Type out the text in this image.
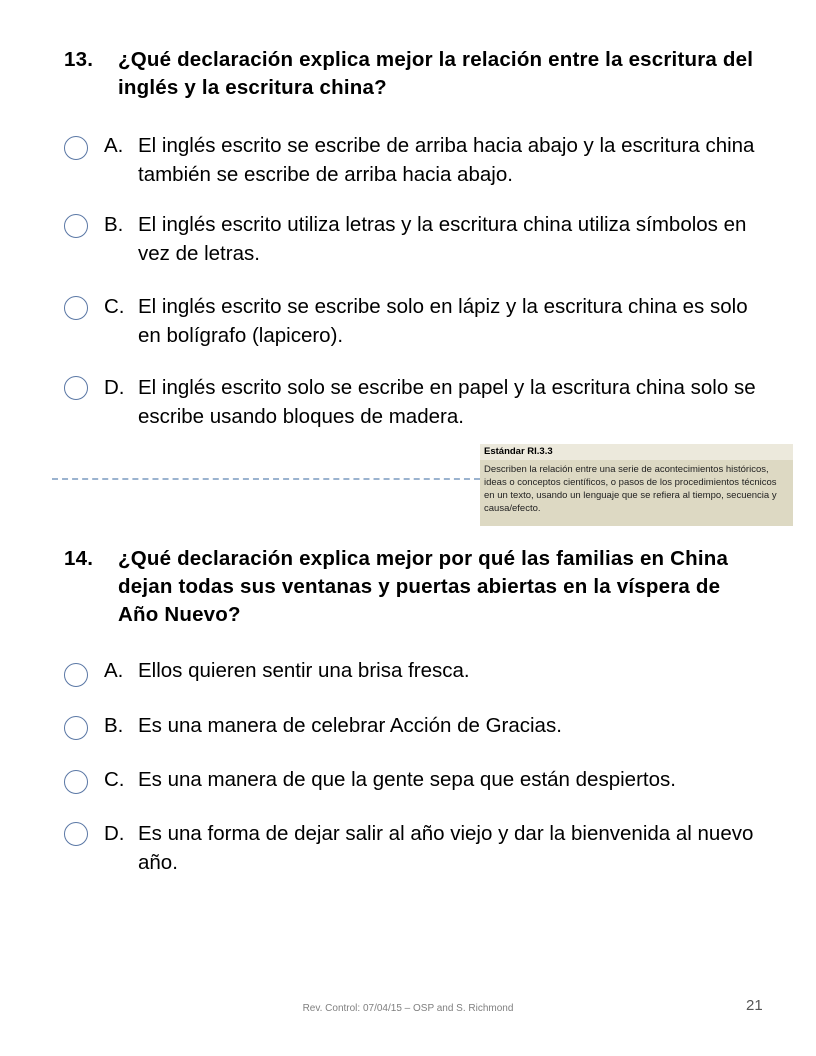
13. ¿Qué declaración explica mejor la relación entre la escritura del inglés y la escritura china?
A. El inglés escrito se escribe de arriba hacia abajo y la escritura china también se escribe de arriba hacia abajo.
B. El inglés escrito utiliza letras y la escritura china utiliza símbolos en vez de letras.
C. El inglés escrito se escribe solo en lápiz y la escritura china es solo en bolígrafo (lapicero).
D. El inglés escrito solo se escribe en papel y la escritura china solo se escribe usando bloques de madera.
Estándar RI.3.3
Describen la relación entre una serie de acontecimientos históricos, ideas o conceptos científicos, o pasos de los procedimientos técnicos en un texto, usando un lenguaje que se refiera al tiempo, secuencia y causa/efecto.
14. ¿Qué declaración explica mejor por qué las familias en China dejan todas sus ventanas y puertas abiertas en la víspera de Año Nuevo?
A. Ellos quieren sentir una brisa fresca.
B. Es una manera de celebrar Acción de Gracias.
C. Es una manera de que la gente sepa que están despiertos.
D. Es una forma de dejar salir al año viejo y dar la bienvenida al nuevo año.
Rev. Control: 07/04/15 – OSP and S. Richmond	21
